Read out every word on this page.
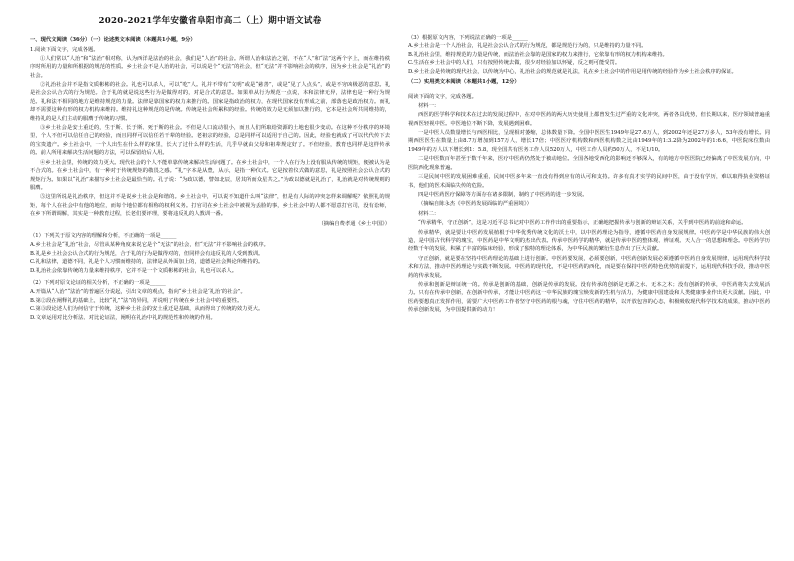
2020-2021学年安徽省阜阳市高二（上）期中语文试卷
一、现代文阅读（36分）（一）论述类文本阅读（本题共1小题，9分）
1.阅读下面文字，完成各题。
①人们常以“人治”和“法治”相对称，认为西洋是法治的社会，我们是“人治”的社会。所谓人治和法治之别，不在“人”和“法”这两个字上，而在维持秩序时所用的力量和所根据的规范的性质。乡土社会不是人治的社会，可以说是个“无法”的社会，但“无法”并不影响社会的秩序，因为乡土社会是“礼治”的社会。
②礼治社会并不是指文质彬彬的社会。礼也可以杀人，可以“吃”人。礼并不带有“文明”或是“慈善”，或是“见了人点头”，或是不穷凶极恶的意思。礼是社会公认合式的行为规范。合于礼的就是说这些行为是做得对的，对是合式的意思。如果单从行为规范一点说，本和法律无异，法律也是一种行为规范。礼和法不相同的地方是维持规范的力量。法律是靠国家的权力来推行的。国家是指政治的权力，在现代国家没有形成之前，部落也是政治权力。而礼却不需要这种有形的权力机构来维持。维持礼这种规范的是传统。传统是社会所累积的经验。传统的效力是无须加以推行的，它本是社会所共同维持的，维持礼的是人们主动的服膺于传统的习惯。
③乡土社会是安土重迁的，生于斯、长于斯、死于斯的社会。不但是人口流动很小，而且人们所取给资源的土地也很少变动。在这种不分秩序的环境里，个人不但可以信任自己的经验，而且同样可以信任若干辈的经验。老祖宗的经验，总是同样可以适用于自己的。因此，经验也就成了可以代代传下去的宝贵遗产。乡土社会中，一个人出生在什么样的家里，长大了过什么样的生活，几乎早就由父母和祖辈规定好了。不但经验，教育也同样是这样传承的。前人所用来解决生活问题的方法，可以保留给后人用。
④乡土社会里，传统的效力更大。现代社会的个人不能单靠传统来解决生活问题了。在乡土社会中，一个人在行为上没有服从传统的规矩，便被认为是不合式的。在乡土社会中，有一种对于传统规矩的敬畏之感。“礼”字本是从豊，从示，是指一种仪式。它是按着仪式做的意思，礼是按照社会公认合式的规矩行为。如果以“礼治”来描写乡土社会是最恰当的。孔子说：“为政以德，譬如北辰，居其所而众星共之。”为政以德就是礼治了，礼治就是对传统规则的服膺。
⑤这里所说是礼治秩序，但这并不是说乡土社会是和谐的。乡土社会中，可以说不知道什么叫“法律”，但是有人际的冲突怎样来调解呢？依照礼的规矩，每个人在社会中有他的地位，而每个地位都有相称的权利义务。打官司在乡土社会中被视为丢脸的事，乡土社会中的人都不愿意打官司，没有讼师，在乡下所谓调解，其实是一种教育过程，长老们要评理，要将违反礼的人教训一番。
（摘编自费孝通《乡土中国》）
（1）下列关于原文内容的理解和分析，不正确的一项是______
A.乡土社会是“礼治”社会，尽管从某种角度来说它是个“无法”的社会，但“无法”并不影响社会的秩序。
B.礼是乡土社会公认合式的行为规范，合于礼的行为是做得对的，但同样会有违反礼的人受到教训。
C.礼和法律，道德不同，礼是个人习惯而维持的，法律是从外面加上的，道德是社会舆论所维持的。
D.礼治社会依靠传统的力量来维持秩序，它并不是一个文质彬彬的社会，礼也可以杀人。
（2）下列对原文论证的相关分析，不正确的一项是______
A.开篇从“人治”“法治”的普遍区分说起，引出文章的观点，指向“乡土社会是‘礼治’的社会”。
B.第②段在阐释礼的基础上，比较“礼”“法”的异同，并说明了传统在乡土社会中的重要性。
C.第③段论述人们为何信守于传统，这种乡土社会的安土重迁是基础，从而得出了传统的效力更大。
D.文章运用对比分析法、对比论证法，阐明在礼治中礼的规范性和传统的作用。
（3）根据原文内容，下列说法正确的一项是______
A.乡土社会是一个人治社会，礼是社会公认合式的行为规范，都是规范行为的，只是维持的力量不同。
B.礼治社会里，维持规范的力量是传统，而法治社会靠的是国家的权力来推行，它依靠有形的权力机构来维持。
C.生活在乡土社会中的人们，只有按照传统去做，很少对经验加以怀疑，反之则可能受罚。
D.乡土社会是传统的现代社会，以传统为中心，礼治社会的规范就是礼法，礼在乡土社会中的作用是用传统的经验作为乡土社会秩序的保证。
（二）实用类文本阅读（本题共1小题，12分）
阅读下面的文字，完成各题。
材料一：
西医的医学科学和技术在过去的发展过程中，在对中医药的两大历史使用上都曾发生过严重的文化冲突，两者各具优势，但长期以来，医疗领域普遍重视西医轻视中医。中医地位不断下降，发展遇到困难。
一是中医人员数量增长与西医相比，呈现相对萎缩，总体数量下降。全国中医医生1949年是27.6万人，到2002年还是27万多人，53年没有增长。同期西医医生在数量上由8.7万增加到157万人，增长17倍；中医医疗机构数和西医机构数之比由1949年的1:3.2降为2002年的1:6.6，中医院床位数由1949年的万人以下增长到1：5.8，现全国共有医务工作人员520万人，中医工作人员约50万人，不足1/10。
二是中医数百年甚至于数千年来，医疗中医药仍然处于被动地位。全国各地受西化的影响还不够深入，有的地方中医医院已经偏离了中医发展方向，中医院西化现象普遍。
三是民间中医的发展困难重重，民间中医多年来一直没有得到应有的认可和支持。许多有真才实学的民间中医，由于没有学历，难以取得执业资格证书，他们的医术面临失传的危险。
四是中医药医疗保障等方面存在诸多限制，制约了中医药的进一步发展。
（摘编自陈永杰《中医药发展面临的严重困境》）
材料二：
“传承精华，守正创新”，这是习近平总书记对中医药工作作出的重要指示，正确地把握传承与创新的辩证关系，关乎到中医药的前途和命运。
传承精华，就是要让中医药发展植根于中华优秀传统文化的沃土中，以中医药理论为指导，遵循中医药自身发展规律。中医药学是中华民族的伟大创造，是中国古代科学的瑰宝，中医药是中华文明的杰出代表。传承中医药学的精华，就是传承中医的整体观、辨证观、天人合一的思想和理念。中医药学历经数千年的发展，积累了丰富的临床经验，形成了独特的理论体系，为中华民族的繁衍生息作出了巨大贡献。
守正创新，就是要在坚持中医药理论的基础上进行创新。中医药要发展，必须要创新，中医药创新发展必须遵循中医药自身发展规律，运用现代科学技术和方法，推动中医药理论与实践不断发展。中医药的现代化，不是中医药的西化，而是要在保持中医药特色优势的前提下，运用现代科技手段，推动中医药的传承发展。
传承和创新是辩证统一的。传承是创新的基础，创新是传承的发展。没有传承的创新是无源之水、无本之木；没有创新的传承，中医药将失去发展活力。只有在传承中创新，在创新中传承，才能让中医药这一中华民族的瑰宝焕发新的生机与活力，为健康中国建设和人类健康事业作出更大贡献。因此，中医药要想真正发挥作用，需要广大中医药工作者坚守中医药的根与魂，守住中医药的精华，以开放包容的心态，积极吸收现代科学技术的成果，推动中医药传承创新发展，为中国提供新的动力！
